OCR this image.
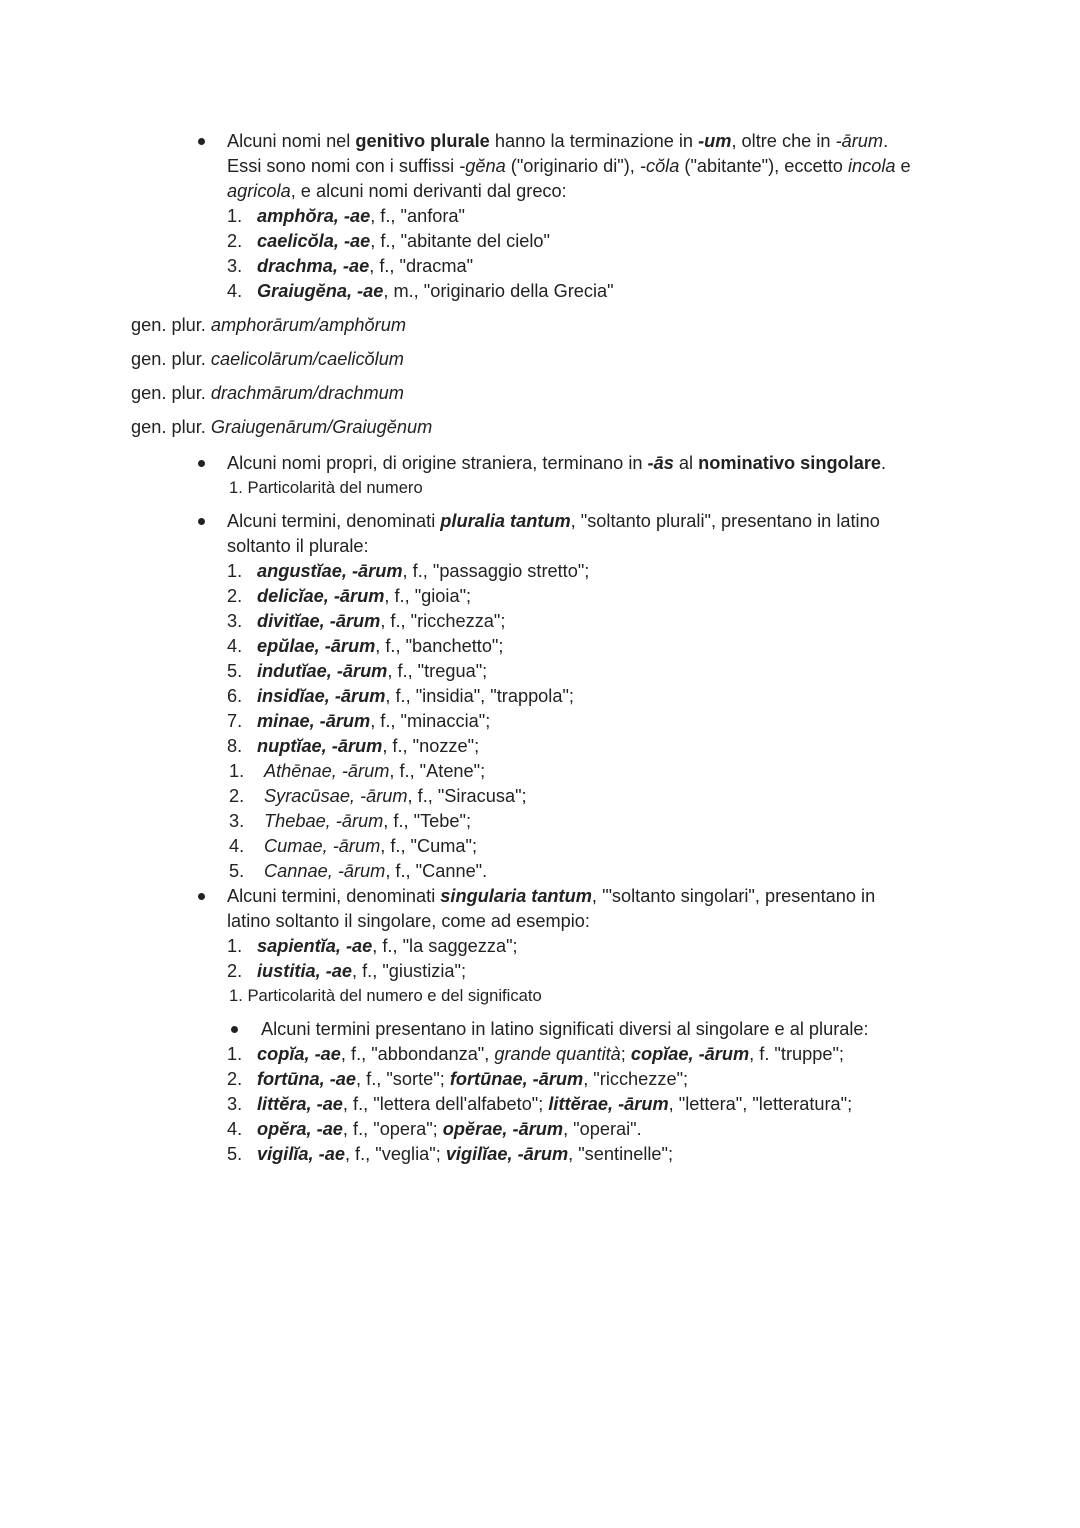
Alcuni nomi nel genitivo plurale hanno la terminazione in -um, oltre che in -ārum.
Essi sono nomi con i suffissi -gĕna ("originario di"), -cŏla ("abitante"), eccetto incola e
agricola, e alcuni nomi derivanti dal greco:
1. amphŏra, -ae, f., "anfora"
2. caelicŏla, -ae, f., "abitante del cielo"
3. drachma, -ae, f., "dracma"
4. Graiugĕna, -ae, m., "originario della Grecia"
gen. plur. amphorārum/amphŏrum
gen. plur. caelicolārum/caelicŏlum
gen. plur. drachmārum/drachmum
gen. plur. Graiugenārum/Graiugĕnum
Alcuni nomi propri, di origine straniera, terminano in -ās al nominativo singolare.
1. Particolarità del numero
Alcuni termini, denominati pluralia tantum, "soltanto plurali", presentano in latino
soltanto il plurale:
1. angustĭae, -ārum, f., "passaggio stretto";
2. delicĭae, -ārum, f., "gioia";
3. divitĭae, -ārum, f., "ricchezza";
4. epŭlae, -ārum, f., "banchetto";
5. indutĭae, -ārum, f., "tregua";
6. insidĭae, -ārum, f., "insidia", "trappola";
7. minae, -ārum, f., "minaccia";
8. nuptĭae, -ārum, f., "nozze";
1. Athēnae, -ārum, f., "Atene";
2. Syracūsae, -ārum, f., "Siracusa";
3. Thebae, -ārum, f., "Tebe";
4. Cumae, -ārum, f., "Cuma";
5. Cannae, -ārum, f., "Canne".
Alcuni termini, denominati singularia tantum, '"soltanto singolari", presentano in
latino soltanto il singolare, come ad esempio:
1. sapientĭa, -ae, f., "la saggezza";
2. iustitia, -ae, f., "giustizia";
1. Particolarità del numero e del significato
Alcuni termini presentano in latino significati diversi al singolare e al plurale:
1. copĭa, -ae, f., "abbondanza", grande quantità; copĭae, -ārum, f. "truppe";
2. fortūna, -ae, f., "sorte"; fortūnae, -ārum, "ricchezze";
3. littĕra, -ae, f., "lettera dell'alfabeto"; littĕrae, -ārum, "lettera", "letteratura";
4. opĕra, -ae, f., "opera"; opĕrae, -ārum, "operai".
5. vigilĭa, -ae, f., "veglia"; vigilĭae, -ārum, "sentinelle";
